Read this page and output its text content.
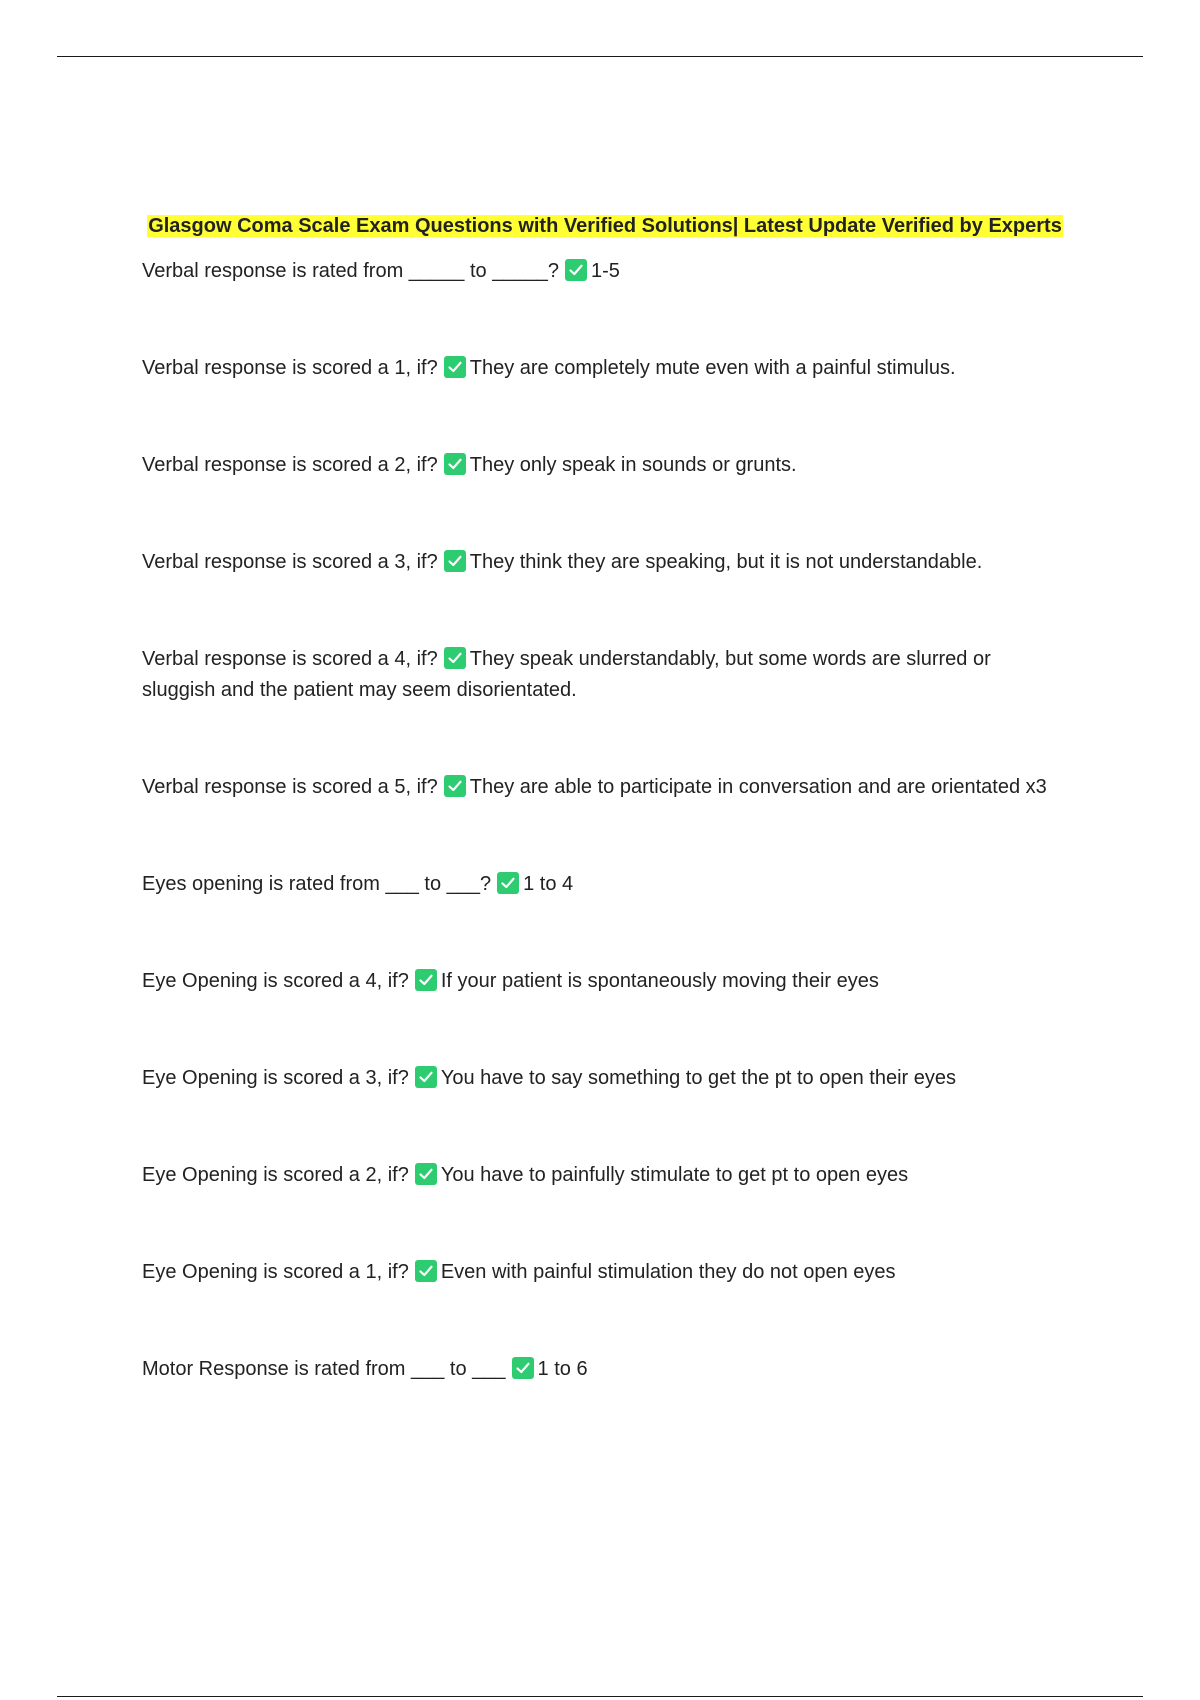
Glasgow Coma Scale Exam Questions with Verified Solutions| Latest Update Verified by Experts

Verbal response is rated from _____ to _____? 1-5

Verbal response is scored a 1, if? They are completely mute even with a painful stimulus.

Verbal response is scored a 2, if? They only speak in sounds or grunts.

Verbal response is scored a 3, if? They think they are speaking, but it is not understandable.

Verbal response is scored a 4, if? They speak understandably, but some words are slurred or sluggish and the patient may seem disorientated.

Verbal response is scored a 5, if? They are able to participate in conversation and are orientated x3

Eyes opening is rated from ___ to ___? 1 to 4

Eye Opening is scored a 4, if? If your patient is spontaneously moving their eyes

Eye Opening is scored a 3, if? You have to say something to get the pt to open their eyes

Eye Opening is scored a 2, if? You have to painfully stimulate to get pt to open eyes

Eye Opening is scored a 1, if? Even with painful stimulation they do not open eyes

Motor Response is rated from ___ to ___ 1 to 6
